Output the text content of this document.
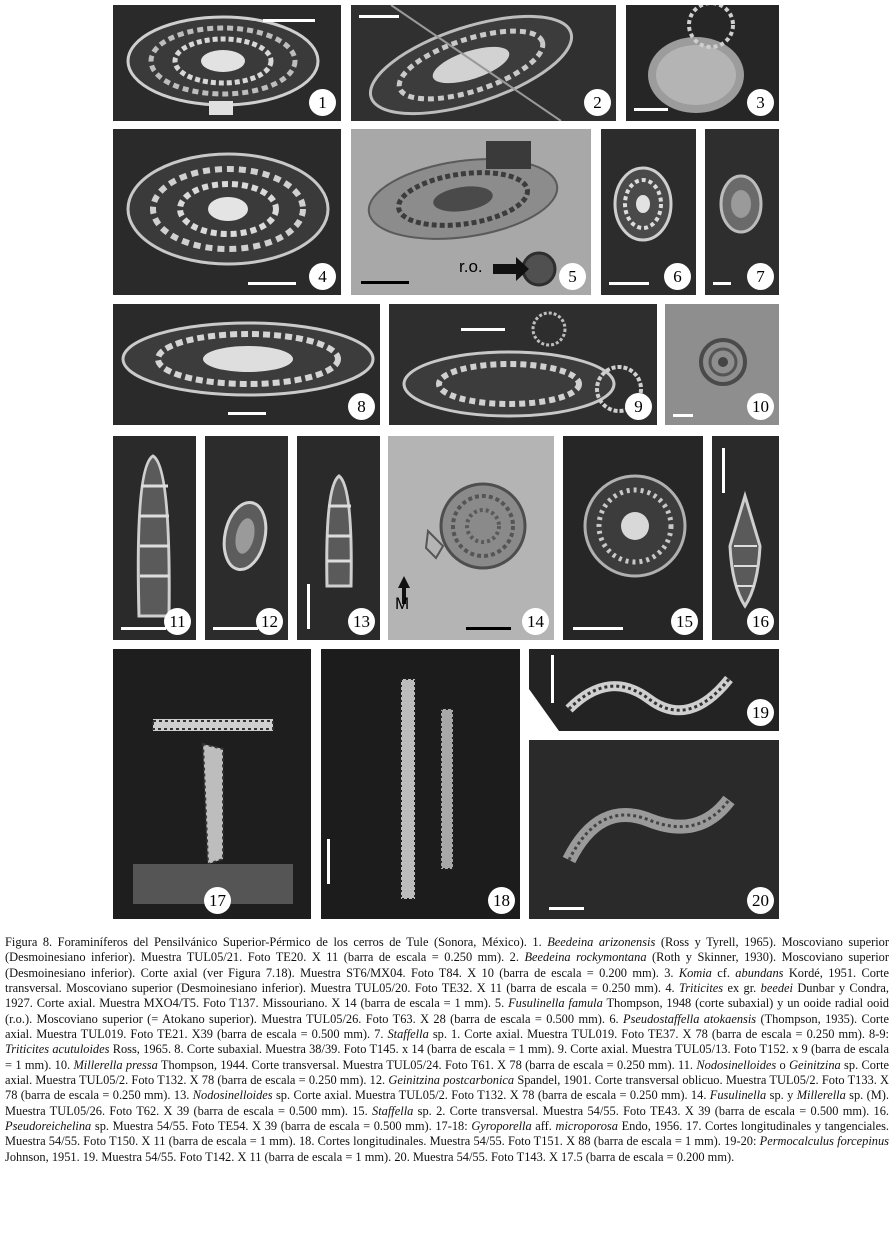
1	2	3
4
r.o.
5	6	7
8	9	10
11	12	13
M
14	15	16
17	18
19
20
Figura 8. Foraminíferos del Pensilvánico Superior-Pérmico de los cerros de Tule (Sonora, México). 1. Beedeina arizonensis (Ross y Tyrell, 1965). Moscoviano superior (Desmoinesiano inferior). Muestra TUL05/21. Foto TE20. X 11 (barra de escala = 0.250 mm). 2. Beedeina rockymontana (Roth y Skinner, 1930). Moscoviano superior (Desmoinesiano inferior). Corte axial (ver Figura 7.18). Muestra ST6/MX04. Foto T84. X 10 (barra de escala = 0.200 mm). 3. Komia cf. abundans Kordé, 1951. Corte transversal. Moscoviano superior (Desmoinesiano inferior). Muestra TUL05/20. Foto TE32. X 11 (barra de escala = 0.250 mm). 4. Triticites ex gr. beedei Dunbar y Condra, 1927. Corte axial. Muestra MXO4/T5. Foto T137. Missouriano. X 14 (barra de escala = 1 mm). 5. Fusulinella famula Thompson, 1948 (corte subaxial) y un ooide radial ooid (r.o.). Moscoviano superior (= Atokano superior). Muestra TUL05/26. Foto T63. X 28 (barra de escala = 0.500 mm). 6. Pseudostaffella atokaensis (Thompson, 1935). Corte axial. Muestra TUL019. Foto TE21. X39 (barra de escala = 0.500 mm). 7. Staffella sp. 1. Corte axial. Muestra TUL019. Foto TE37. X 78 (barra de escala = 0.250 mm). 8-9: Triticites acutuloides Ross, 1965. 8. Corte subaxial. Muestra 38/39. Foto T145. x 14 (barra de escala = 1 mm). 9. Corte axial. Muestra TUL05/13. Foto T152. x 9 (barra de escala = 1 mm). 10. Millerella pressa Thompson, 1944. Corte transversal. Muestra TUL05/24. Foto T61. X 78 (barra de escala = 0.250 mm). 11. Nodosinelloides o Geinitzina sp. Corte axial. Muestra TUL05/2. Foto T132. X 78 (barra de escala = 0.250 mm). 12. Geinitzina postcarbonica Spandel, 1901. Corte transversal oblicuo. Muestra TUL05/2. Foto T133. X 78 (barra de escala = 0.250 mm). 13. Nodosinelloides sp. Corte axial. Muestra TUL05/2. Foto T132. X 78 (barra de escala = 0.250 mm). 14. Fusulinella sp. y Millerella sp. (M). Muestra TUL05/26. Foto T62. X 39 (barra de escala = 0.500 mm). 15. Staffella sp. 2. Corte transversal. Muestra 54/55. Foto TE43. X 39 (barra de escala = 0.500 mm). 16. Pseudoreichelina sp. Muestra 54/55. Foto TE54. X 39 (barra de escala = 0.500 mm). 17-18: Gyroporella aff. microporosa Endo, 1956. 17. Cortes longitudinales y tangenciales. Muestra 54/55. Foto T150. X 11 (barra de escala = 1 mm). 18. Cortes longitudinales. Muestra 54/55. Foto T151. X 88 (barra de escala = 1 mm). 19-20: Permocalculus forcepinus Johnson, 1951. 19. Muestra 54/55. Foto T142. X 11 (barra de escala = 1 mm). 20. Muestra 54/55. Foto T143. X 17.5 (barra de escala = 0.200 mm).
